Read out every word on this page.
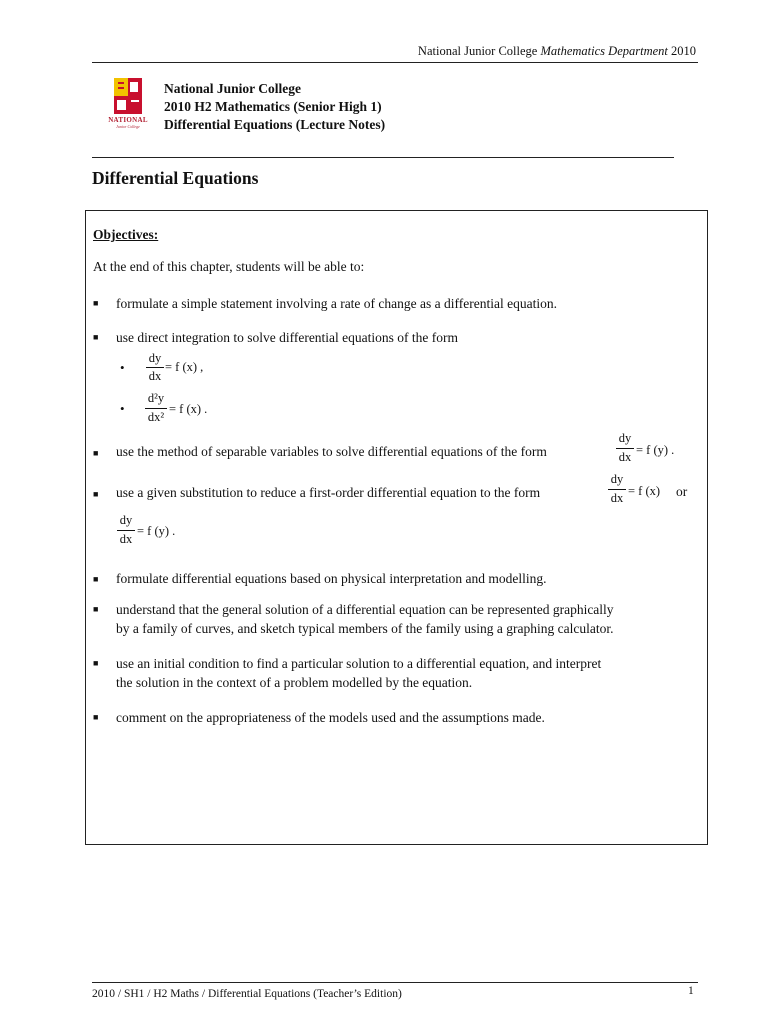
National Junior College Mathematics Department 2010
NATIONAL
Junior College
National Junior College
2010 H2 Mathematics (Senior High 1)
Differential Equations (Lecture Notes)
Differential Equations
Objectives:
At the end of this chapter, students will be able to:
■ formulate a simple statement involving a rate of change as a differential equation.
■ use direct integration to solve differential equations of the form
•
dy
dx
= f (x) ,
•
d²y
dx²
= f (x) .
■ use the method of separable variables to solve differential equations of the form
dy
dx = f (y) .
■ use a given substitution to reduce a first-order differential equation to the form
dy
dx = f (x) or
dy
dx
= f (y) .
■ formulate differential equations based on physical interpretation and modelling.
■ understand that the general solution of a differential equation can be represented graphically
by a family of curves, and sketch typical members of the family using a graphing calculator.
■ use an initial condition to find a particular solution to a differential equation, and interpret
the solution in the context of a problem modelled by the equation.
■ comment on the appropriateness of the models used and the assumptions made.
2010 / SH1 / H2 Maths / Differential Equations (Teacher’s Edition)	1
